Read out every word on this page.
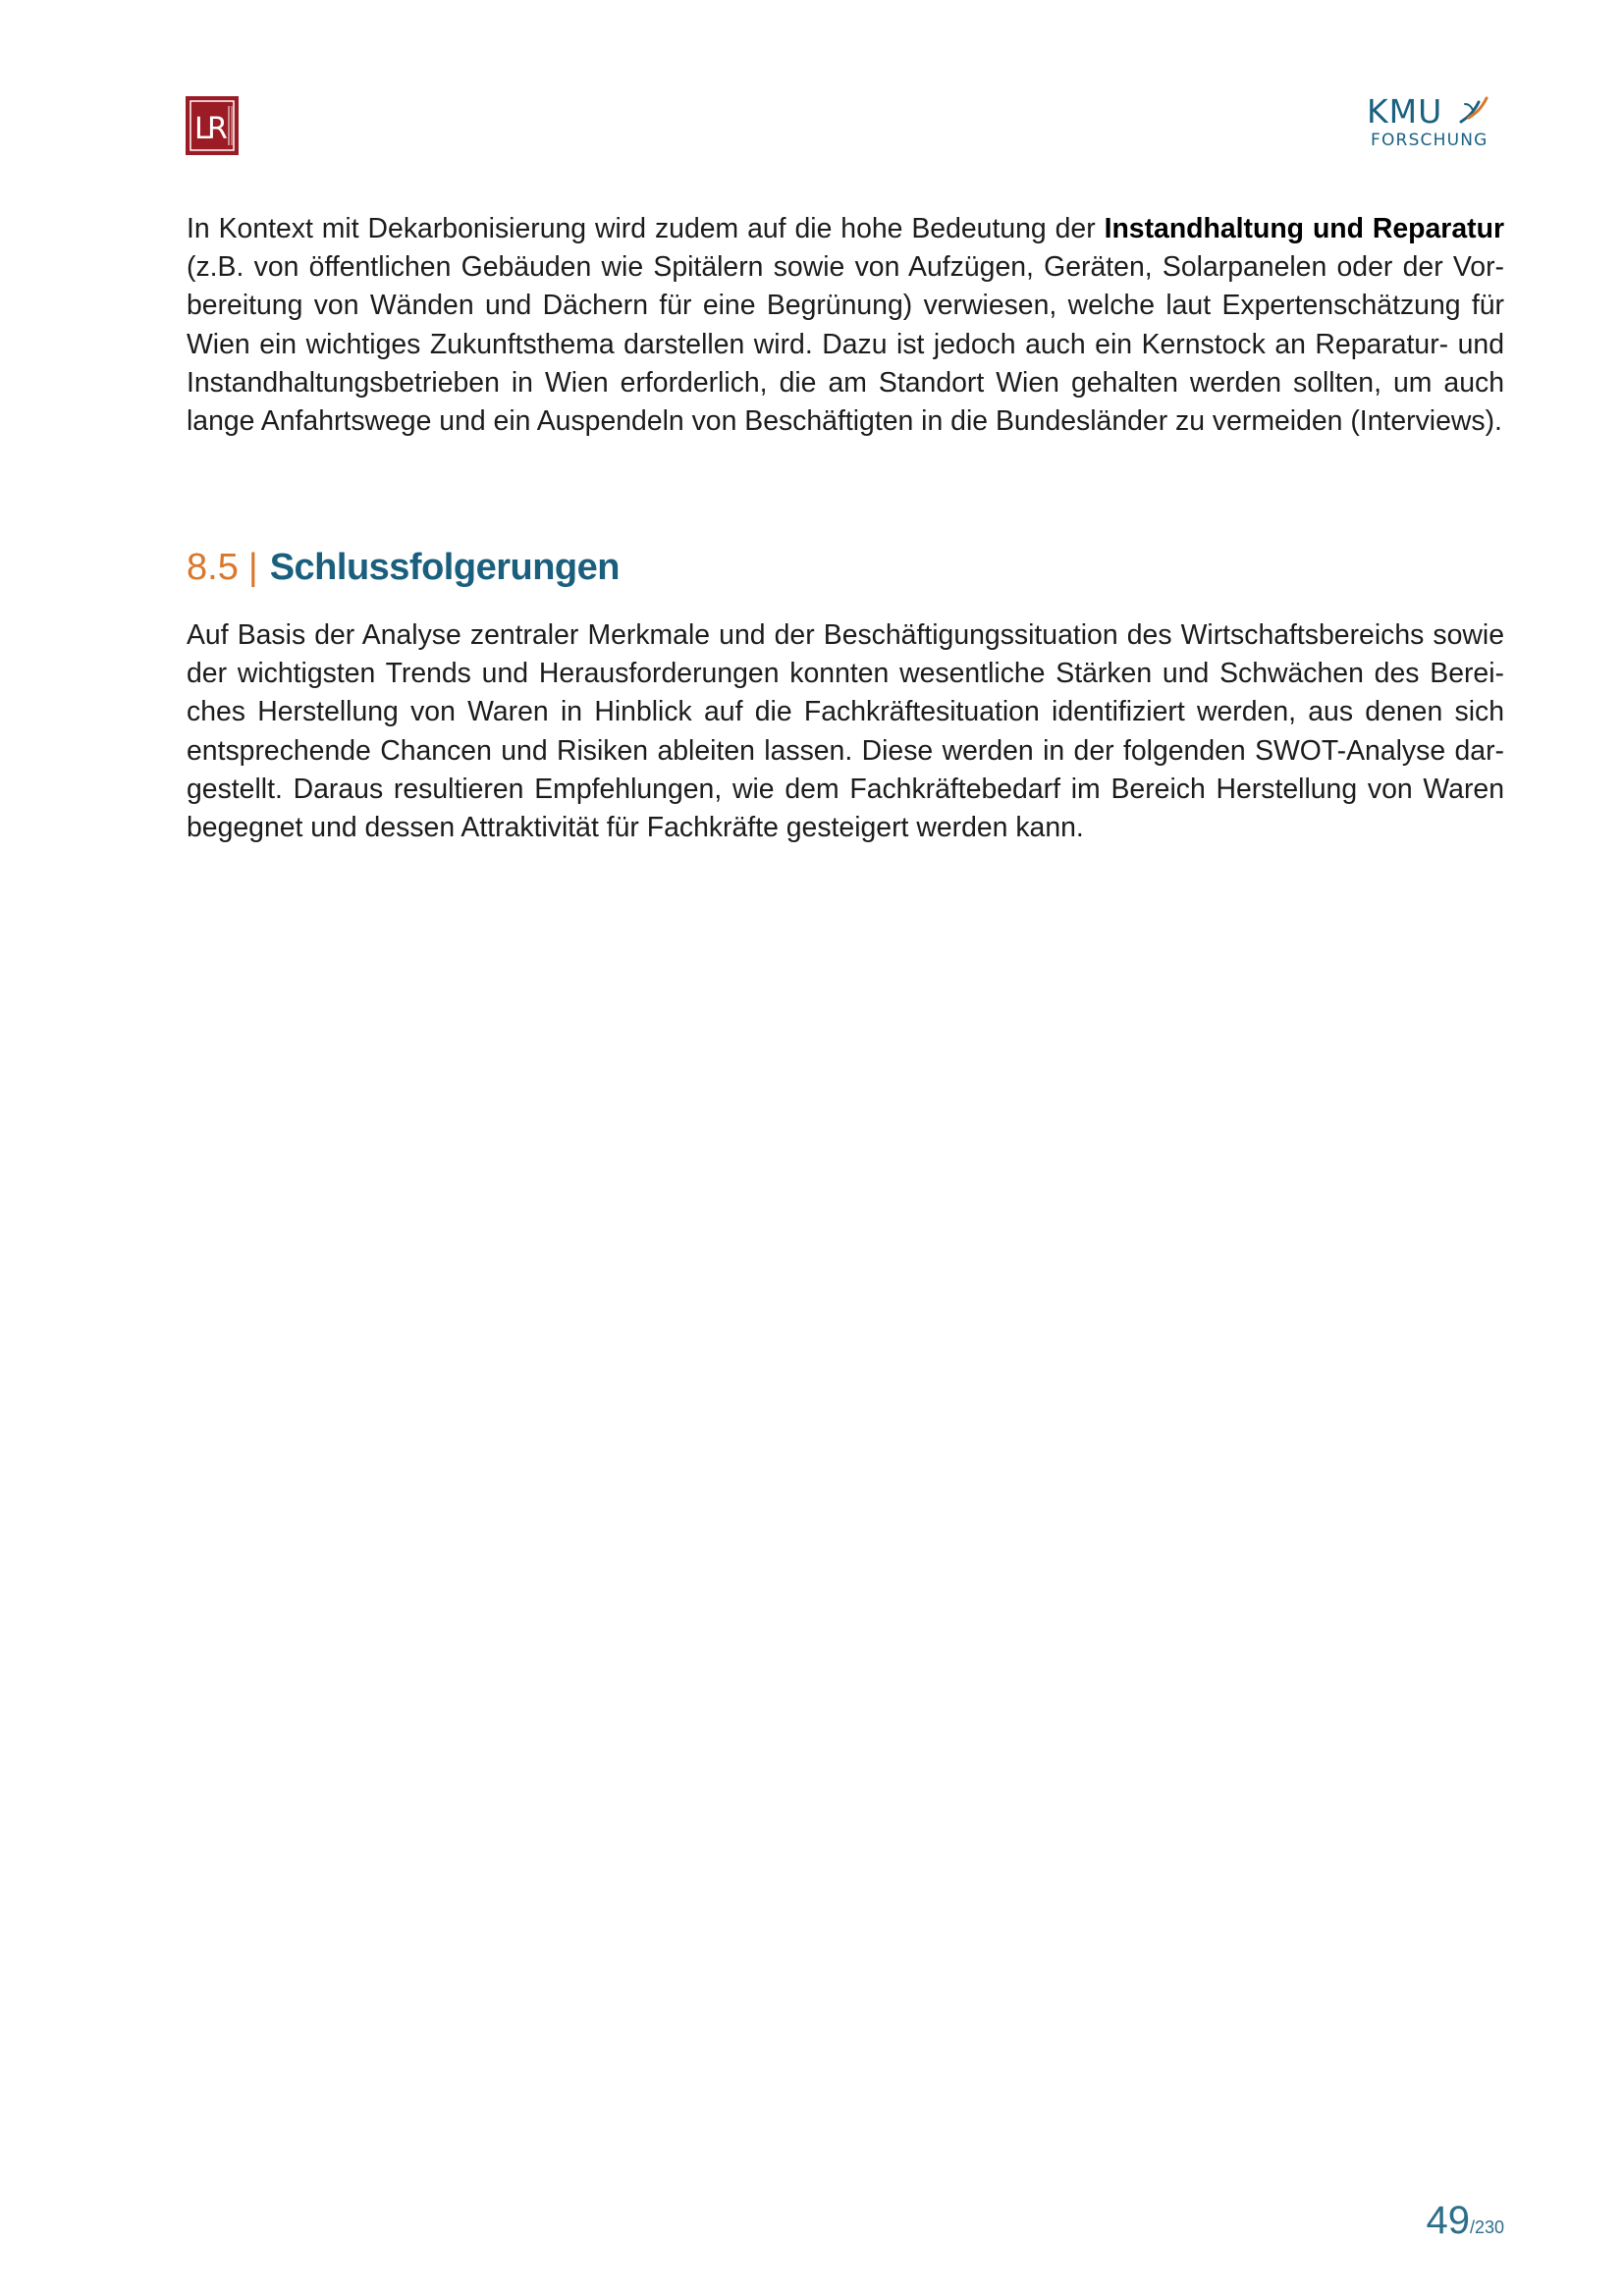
L
R	KMU
FORSCHUNG

In Kontext mit Dekarbonisierung wird zudem auf die hohe Bedeutung der Instandhaltung und Reparatur (z.B. von öffentlichen Gebäuden wie Spitälern sowie von Aufzügen, Geräten, Solarpanelen oder der Vorbereitung von Wänden und Dächern für eine Begrünung) verwiesen, welche laut Expertenschätzung für Wien ein wichtiges Zukunftsthema darstellen wird. Dazu ist jedoch auch ein Kernstock an Reparatur- und Instandhaltungsbetrieben in Wien erforderlich, die am Standort Wien gehalten werden sollten, um auch lange Anfahrtswege und ein Auspendeln von Beschäftigten in die Bundesländer zu vermeiden (Interviews).

8.5 | Schlussfolgerungen

Auf Basis der Analyse zentraler Merkmale und der Beschäftigungssituation des Wirtschaftsbereichs sowie der wichtigsten Trends und Herausforderungen konnten wesentliche Stärken und Schwächen des Bereiches Herstellung von Waren in Hinblick auf die Fachkräftesituation identifiziert werden, aus denen sich entsprechende Chancen und Risiken ableiten lassen. Diese werden in der folgenden SWOT-Analyse dargestellt. Daraus resultieren Empfehlungen, wie dem Fachkräftebedarf im Bereich Herstellung von Waren begegnet und dessen Attraktivität für Fachkräfte gesteigert werden kann.

49/230
